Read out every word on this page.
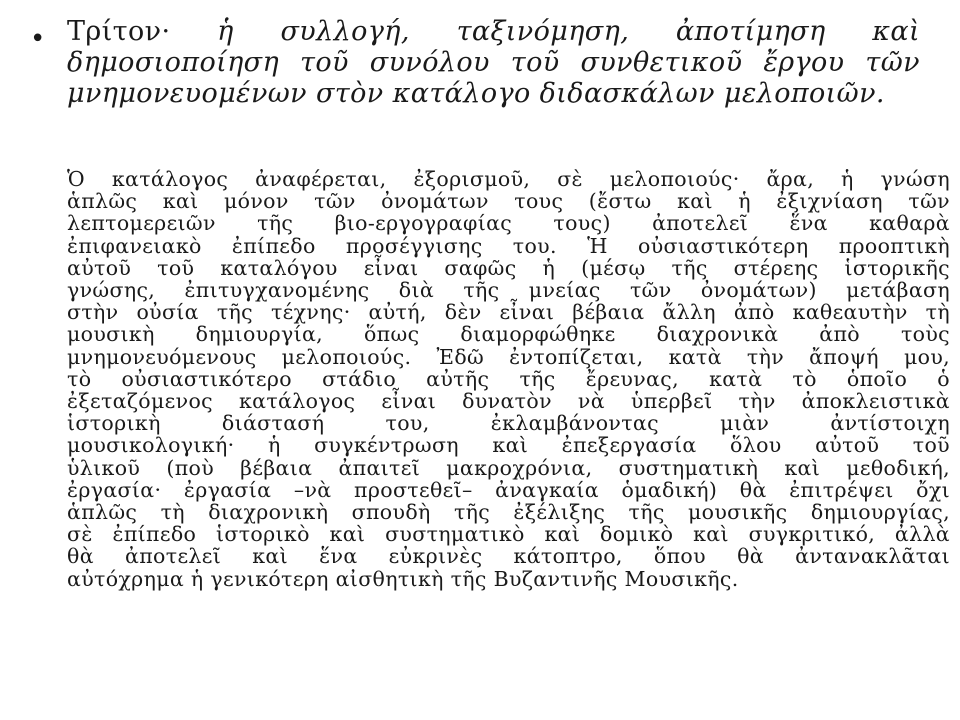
• Τρίτον· ἡ συλλογή, ταξινόμηση, ἀποτίμηση καὶ δημοσιοποίηση τοῦ συνόλου τοῦ συνθετικοῦ ἔργου τῶν μνημονευομένων στὸν κατάλογο διδασκάλων μελοποιῶν.
Ὁ κατάλογος ἀναφέρεται, ἐξορισμοῦ, σὲ μελοποιούς· ἄρα, ἡ γνώση
ἁπλῶς καὶ μόνον τῶν ὀνομάτων τους (ἔστω καὶ ἡ ἐξιχνίαση τῶν
λεπτομερειῶν τῆς βιο-εργογραφίας τους) ἀποτελεῖ ἕνα καθαρὰ
ἐπιφανειακὸ ἐπίπεδο προσέγγισης του. Ἡ οὐσιαστικότερη προοπτικὴ
αὐτοῦ τοῦ καταλόγου εἶναι σαφῶς ἡ (μέσῳ τῆς στέρεης ἱστορικῆς
γνώσης, ἐπιτυγχανομένης διὰ τῆς μνείας τῶν ὀνομάτων) μετάβαση
στὴν οὐσία τῆς τέχνης· αὐτή, δὲν εἶναι βέβαια ἄλλη ἀπὸ καθεαυτὴν τὴ
μουσικὴ δημιουργία, ὅπως διαμορφώθηκε διαχρονικὰ ἀπὸ τοὺς
μνημονευόμενους μελοποιούς. Ἐδῶ ἐντοπίζεται, κατὰ τὴν ἄποψή μου,
τὸ οὐσιαστικότερο στάδιο αὐτῆς τῆς ἔρευνας, κατὰ τὸ ὁποῖο ὁ
ἐξεταζόμενος κατάλογος εἶναι δυνατὸν νὰ ὑπερβεῖ τὴν ἀποκλειστικὰ
ἱστορικὴ διάστασή του, ἐκλαμβάνοντας μιὰν ἀντίστοιχη
μουσικολογική· ἡ συγκέντρωση καὶ ἐπεξεργασία ὅλου αὐτοῦ τοῦ
ὑλικοῦ (ποὺ βέβαια ἀπαιτεῖ μακροχρόνια, συστηματικὴ καὶ μεθοδική,
ἐργασία· ἐργασία –νὰ προστεθεῖ– ἀναγκαία ὁμαδική) θὰ ἐπιτρέψει ὄχι
ἁπλῶς τὴ διαχρονικὴ σπουδὴ τῆς ἐξέλιξης τῆς μουσικῆς δημιουργίας,
σὲ ἐπίπεδο ἱστορικὸ καὶ συστηματικὸ καὶ δομικὸ καὶ συγκριτικό, ἀλλὰ
θὰ ἀποτελεῖ καὶ ἕνα εὐκρινὲς κάτοπτρο, ὅπου θὰ ἀντανακλᾶται
αὐτόχρημα ἡ γενικότερη αἰσθητικὴ τῆς Βυζαντινῆς Μουσικῆς.
